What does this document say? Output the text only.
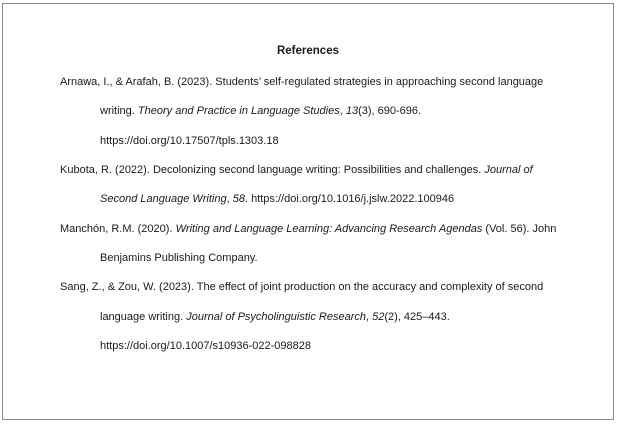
References
Arnawa, I., & Arafah, B. (2023). Students’ self-regulated strategies in approaching second language
writing. Theory and Practice in Language Studies, 13(3), 690-696.
https://doi.org/10.17507/tpls.1303.18
Kubota, R. (2022). Decolonizing second language writing: Possibilities and challenges. Journal of
Second Language Writing, 58. https://doi.org/10.1016/j.jslw.2022.100946
Manchón, R.M. (2020). Writing and Language Learning: Advancing Research Agendas (Vol. 56). John
Benjamins Publishing Company.
Sang, Z., & Zou, W. (2023). The effect of joint production on the accuracy and complexity of second
language writing. Journal of Psycholinguistic Research, 52(2), 425–443.
https://doi.org/10.1007/s10936-022-098828
